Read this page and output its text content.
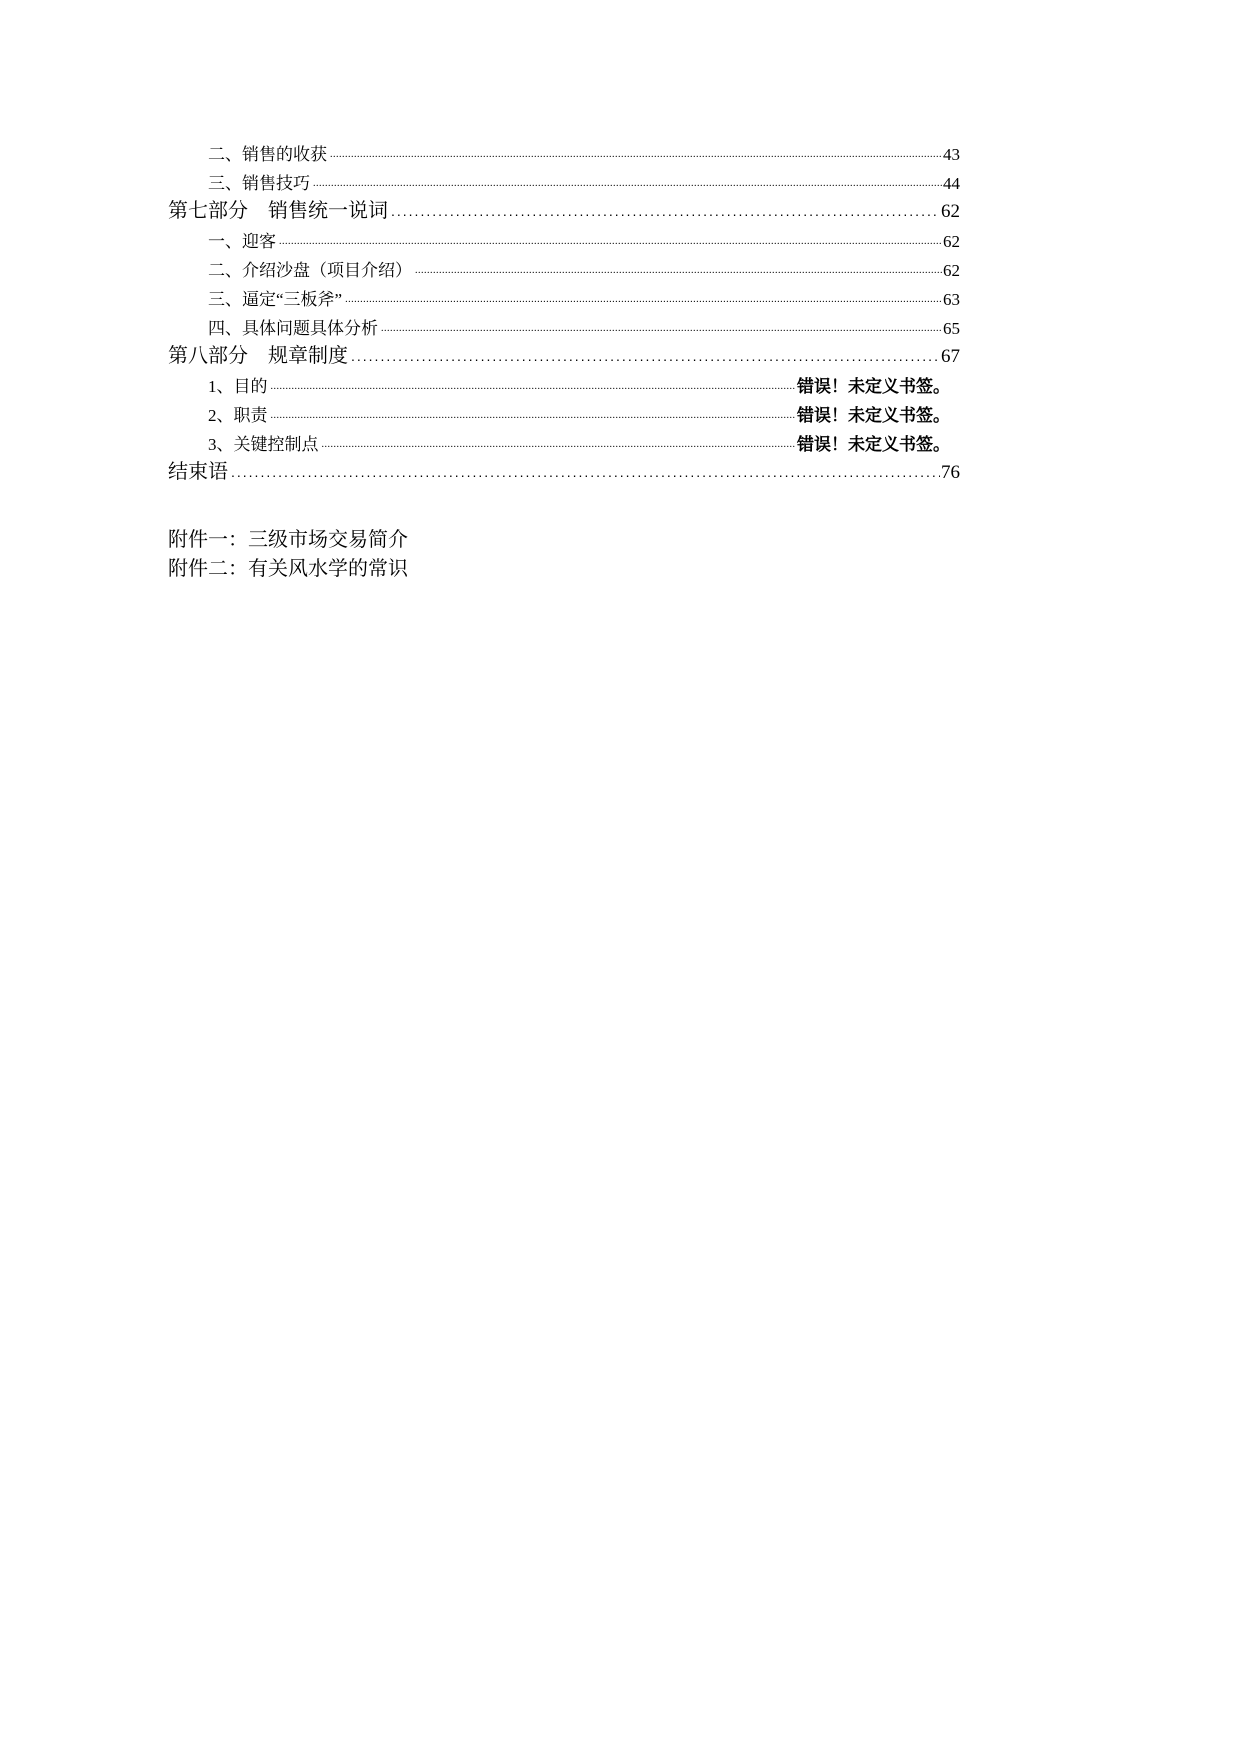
二、销售的收获 .....	43
三、销售技巧 .....	44
第七部分　销售统一说词 .....	62
一、迎客 .....	62
二、介绍沙盘（项目介绍） .....	62
三、逼定“三板斧” .....	63
四、具体问题具体分析 .....	65
第八部分　规章制度 .....	67
1、目的 .....	错误！未定义书签。
2、职责 .....	错误！未定义书签。
3、关键控制点 .....	错误！未定义书签。
结束语 .....	76
附件一：三级市场交易简介
附件二：有关风水学的常识
